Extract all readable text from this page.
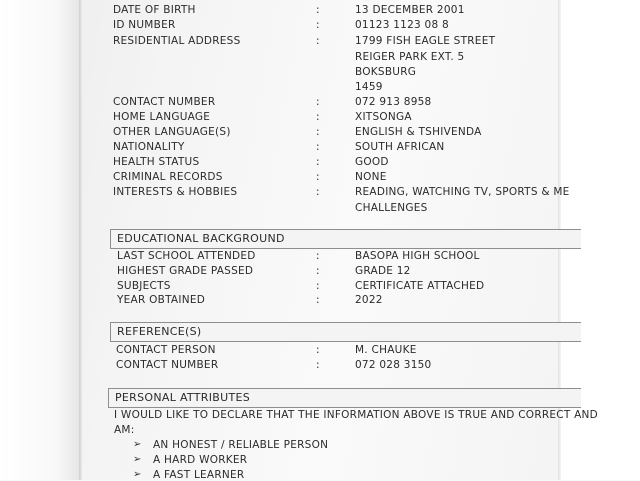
DATE OF BIRTH	:	13 DECEMBER 2001
ID NUMBER	:	01123 1123 08 8
RESIDENTIAL ADDRESS	:	1799 FISH EAGLE STREET
REIGER PARK EXT. 5
BOKSBURG
1459
CONTACT NUMBER	:	072 913 8958
HOME LANGUAGE	:	XITSONGA
OTHER LANGUAGE(S)	:	ENGLISH & TSHIVENDA
NATIONALITY	:	SOUTH AFRICAN
HEALTH STATUS	:	GOOD
CRIMINAL RECORDS	:	NONE
INTERESTS & HOBBIES	:	READING, WATCHING TV, SPORTS & ME
CHALLENGES
EDUCATIONAL BACKGROUND
LAST SCHOOL ATTENDED	:	BASOPA HIGH SCHOOL
HIGHEST GRADE PASSED	:	GRADE 12
SUBJECTS	:	CERTIFICATE ATTACHED
YEAR OBTAINED	:	2022
REFERENCE(S)
CONTACT PERSON	:	M. CHAUKE
CONTACT NUMBER	:	072 028 3150
PERSONAL ATTRIBUTES
I WOULD LIKE TO DECLARE THAT THE INFORMATION ABOVE IS TRUE AND CORRECT AND
AM:
➢ AN HONEST / RELIABLE PERSON
➢ A HARD WORKER
➢ A FAST LEARNER
